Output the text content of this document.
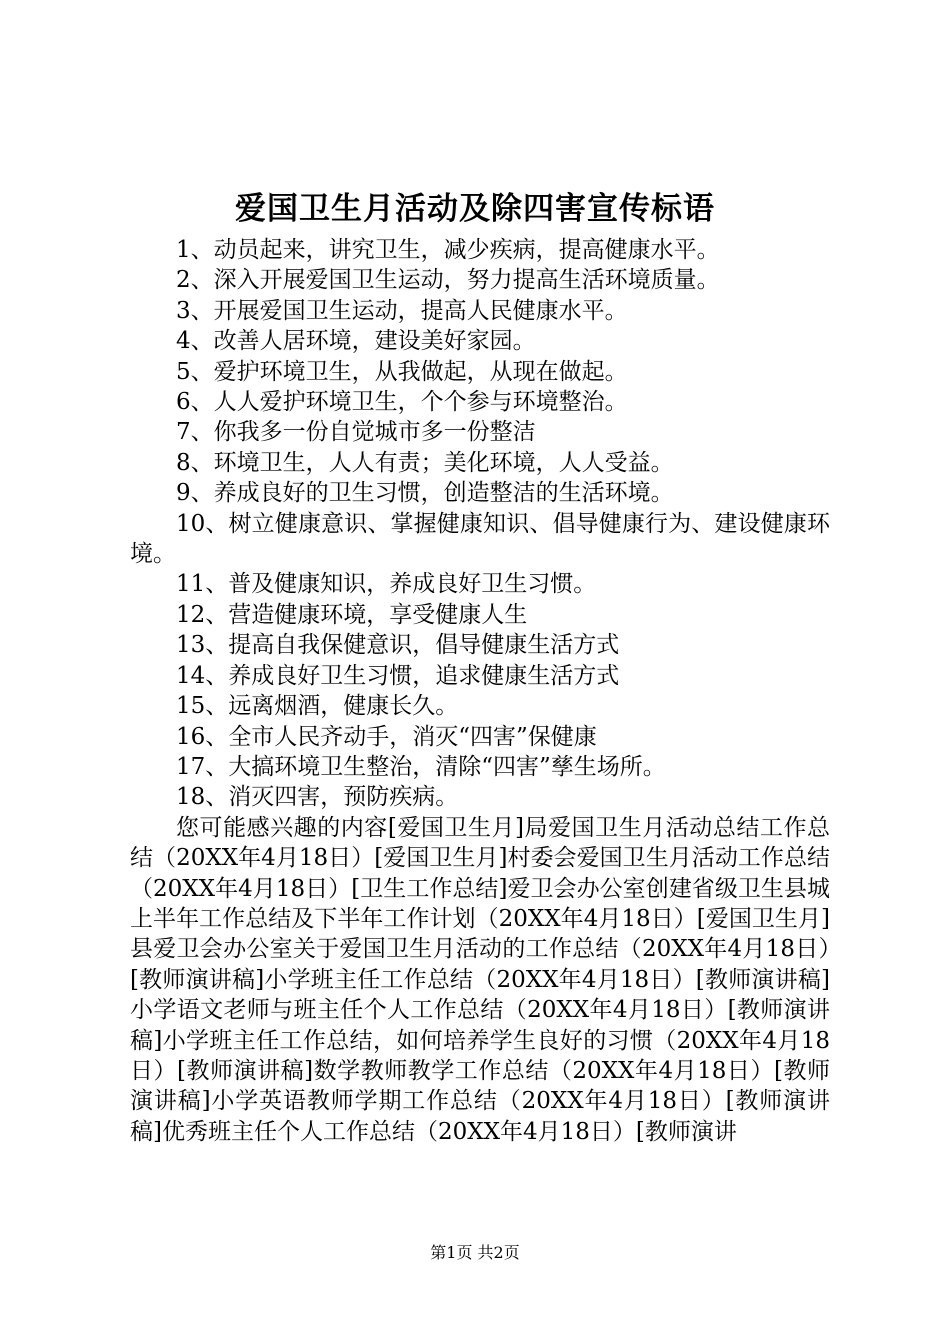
爱国卫生月活动及除四害宣传标语

1、动员起来，讲究卫生，减少疾病，提高健康水平。

2、深入开展爱国卫生运动，努力提高生活环境质量。

3、开展爱国卫生运动，提高人民健康水平。

4、改善人居环境，建设美好家园。

5、爱护环境卫生，从我做起，从现在做起。

6、人人爱护环境卫生，个个参与环境整治。

7、你我多一份自觉城市多一份整洁

8、环境卫生，人人有责；美化环境，人人受益。

9、养成良好的卫生习惯，创造整洁的生活环境。

10、树立健康意识、掌握健康知识、倡导健康行为、建设健康环境。

11、普及健康知识，养成良好卫生习惯。

12、营造健康环境，享受健康人生

13、提高自我保健意识，倡导健康生活方式

14、养成良好卫生习惯，追求健康生活方式

15、远离烟酒，健康长久。

16、全市人民齐动手，消灭“四害”保健康

17、大搞环境卫生整治，清除“四害”孳生场所。

18、消灭四害，预防疾病。

您可能感兴趣的内容[爱国卫生月]局爱国卫生月活动总结工作总结（20XX年4月18日）[爱国卫生月]村委会爱国卫生月活动工作总结（20XX年4月18日）[卫生工作总结]爱卫会办公室创建省级卫生县城上半年工作总结及下半年工作计划（20XX年4月18日）[爱国卫生月]县爱卫会办公室关于爱国卫生月活动的工作总结（20XX年4月18日）[教师演讲稿]小学班主任工作总结（20XX年4月18日）[教师演讲稿]小学语文老师与班主任个人工作总结（20XX年4月18日）[教师演讲稿]小学班主任工作总结，如何培养学生良好的习惯（20XX年4月18日）[教师演讲稿]数学教师教学工作总结（20XX年4月18日）[教师演讲稿]小学英语教师学期工作总结（20XX年4月18日）[教师演讲稿]优秀班主任个人工作总结（20XX年4月18日）[教师演讲

第1页 共2页
